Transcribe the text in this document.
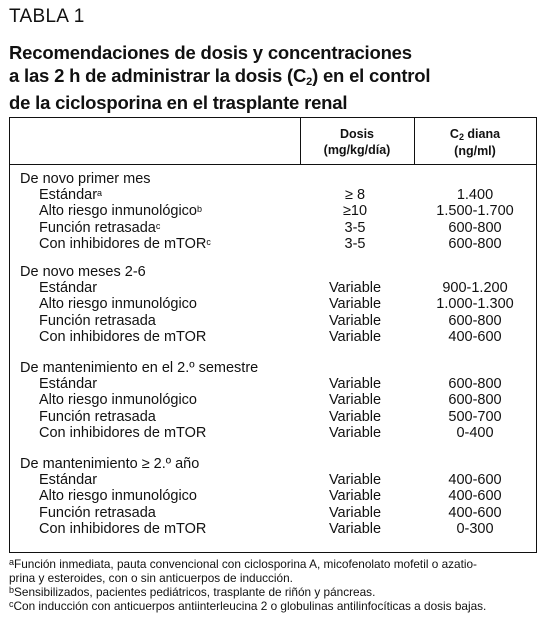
TABLA 1
Recomendaciones de dosis y concentraciones
a las 2 h de administrar la dosis (C2) en el control
de la ciclosporina en el trasplante renal
Dosis
(mg/kg/día)
C2 diana
(ng/ml)
De novo primer mes
Estándar$^a$	≥ 8	1.400
Alto riesgo inmunológico$^b$	≥10	1.500-1.700
Función retrasada$^c$	3-5	600-800
Con inhibidores de mTOR$^c$	3-5	600-800
De novo meses 2-6
Estándar	Variable	900-1.200
Alto riesgo inmunológico	Variable	1.000-1.300
Función retrasada	Variable	600-800
Con inhibidores de mTOR	Variable	400-600
De mantenimiento en el 2.º semestre
Estándar	Variable	600-800
Alto riesgo inmunológico	Variable	600-800
Función retrasada	Variable	500-700
Con inhibidores de mTOR	Variable	0-400
De mantenimiento ≥ 2.º año
Estándar	Variable	400-600
Alto riesgo inmunológico	Variable	400-600
Función retrasada	Variable	400-600
Con inhibidores de mTOR	Variable	0-300
$^a$Función inmediata, pauta convencional con ciclosporina A, micofenolato mofetil o azatio-
prina y esteroides, con o sin anticuerpos de inducción.
$^b$Sensibilizados, pacientes pediátricos, trasplante de riñón y páncreas.
$^c$Con inducción con anticuerpos antiinterleucina 2 o globulinas antilinfocíticas a dosis bajas.
